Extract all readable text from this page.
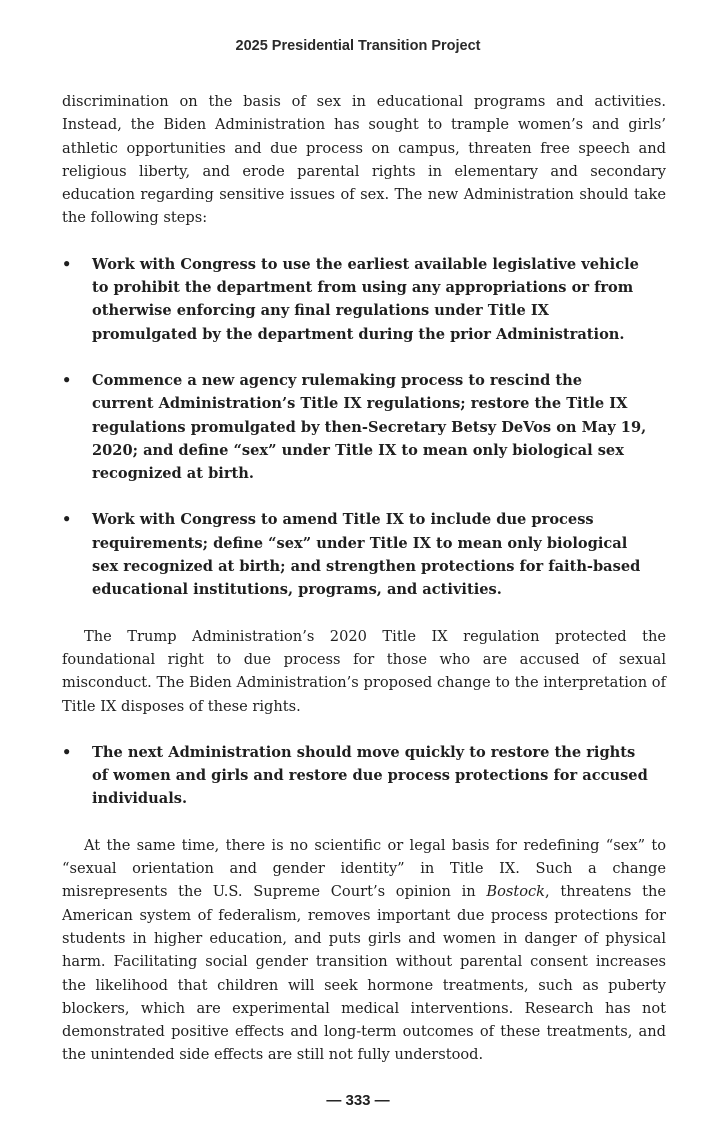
2025 Presidential Transition Project

discrimination on the basis of sex in educational programs and activities. Instead, the Biden Administration has sought to trample women’s and girls’ athletic opportunities and due process on campus, threaten free speech and religious liberty, and erode parental rights in elementary and secondary education regarding sensitive issues of sex. The new Administration should take the following steps:

•	Work with Congress to use the earliest available legislative vehicle to prohibit the department from using any appropriations or from otherwise enforcing any final regulations under Title IX promulgated by the department during the prior Administration.
•	Commence a new agency rulemaking process to rescind the current Administration’s Title IX regulations; restore the Title IX regulations promulgated by then-Secretary Betsy DeVos on May 19, 2020; and define “sex” under Title IX to mean only biological sex recognized at birth.
•	Work with Congress to amend Title IX to include due process requirements; define “sex” under Title IX to mean only biological sex recognized at birth; and strengthen protections for faith-based educational institutions, programs, and activities.

The Trump Administration’s 2020 Title IX regulation protected the foundational right to due process for those who are accused of sexual misconduct. The Biden Administration’s proposed change to the interpretation of Title IX disposes of these rights.

•	The next Administration should move quickly to restore the rights of women and girls and restore due process protections for accused individuals.

At the same time, there is no scientific or legal basis for redefining “sex” to “sexual orientation and gender identity” in Title IX. Such a change misrepresents the U.S. Supreme Court’s opinion in Bostock, threatens the American system of federalism, removes important due process protections for students in higher education, and puts girls and women in danger of physical harm. Facilitating social gender transition without parental consent increases the likelihood that children will seek hormone treatments, such as puberty blockers, which are experimental medical interventions. Research has not demonstrated positive effects and long-term outcomes of these treatments, and the unintended side effects are still not fully understood.

— 333 —
